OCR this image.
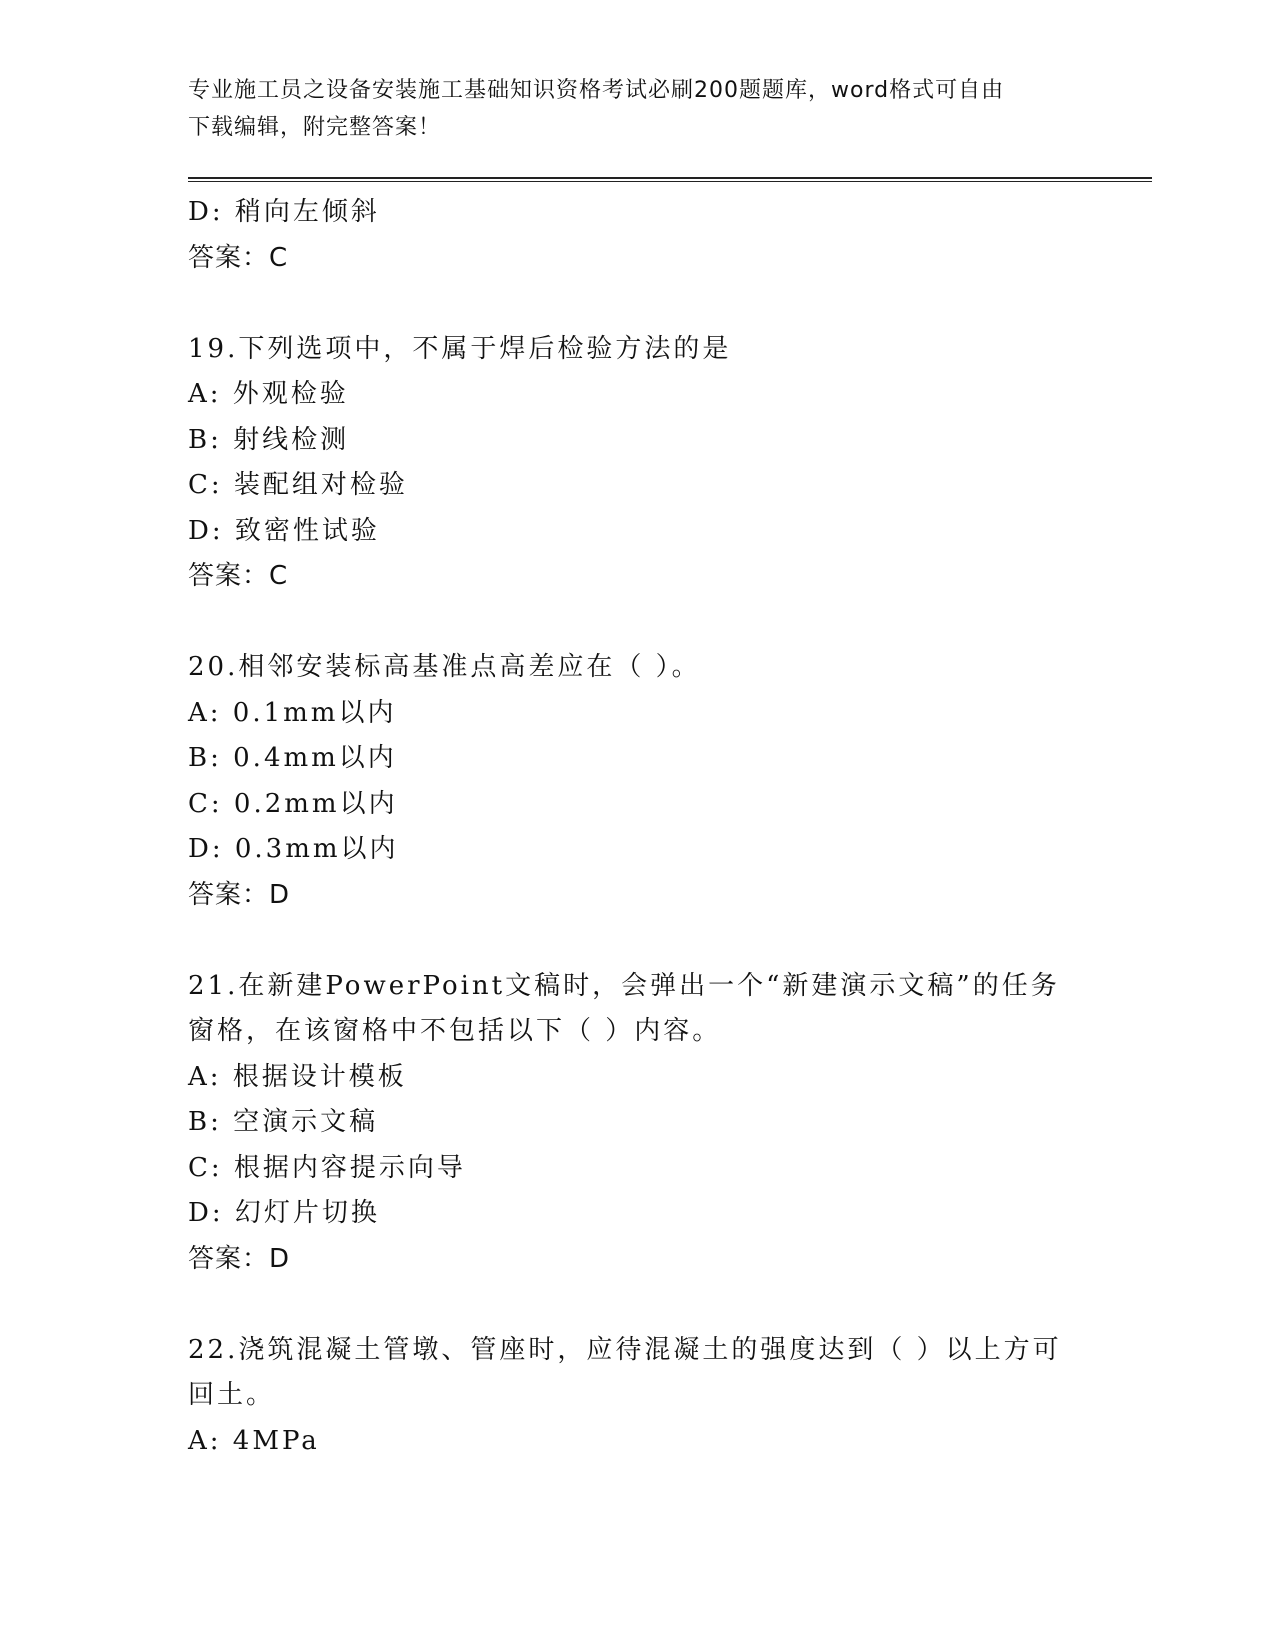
专业施工员之设备安装施工基础知识资格考试必刷200题题库，word格式可自由
下载编辑，附完整答案！
D: 稍向左倾斜
答案：C
19.下列选项中，不属于焊后检验方法的是
A: 外观检验
B: 射线检测
C: 装配组对检验
D: 致密性试验
答案：C
20.相邻安装标高基准点高差应在（ ）。
A: 0.1mm以内
B: 0.4mm以内
C: 0.2mm以内
D: 0.3mm以内
答案：D
21.在新建PowerPoint文稿时，会弹出一个“新建演示文稿”的任务
窗格，在该窗格中不包括以下（ ）内容。
A: 根据设计模板
B: 空演示文稿
C: 根据内容提示向导
D: 幻灯片切换
答案：D
22.浇筑混凝土管墩、管座时，应待混凝土的强度达到（ ）以上方可
回土。
A: 4MPa
